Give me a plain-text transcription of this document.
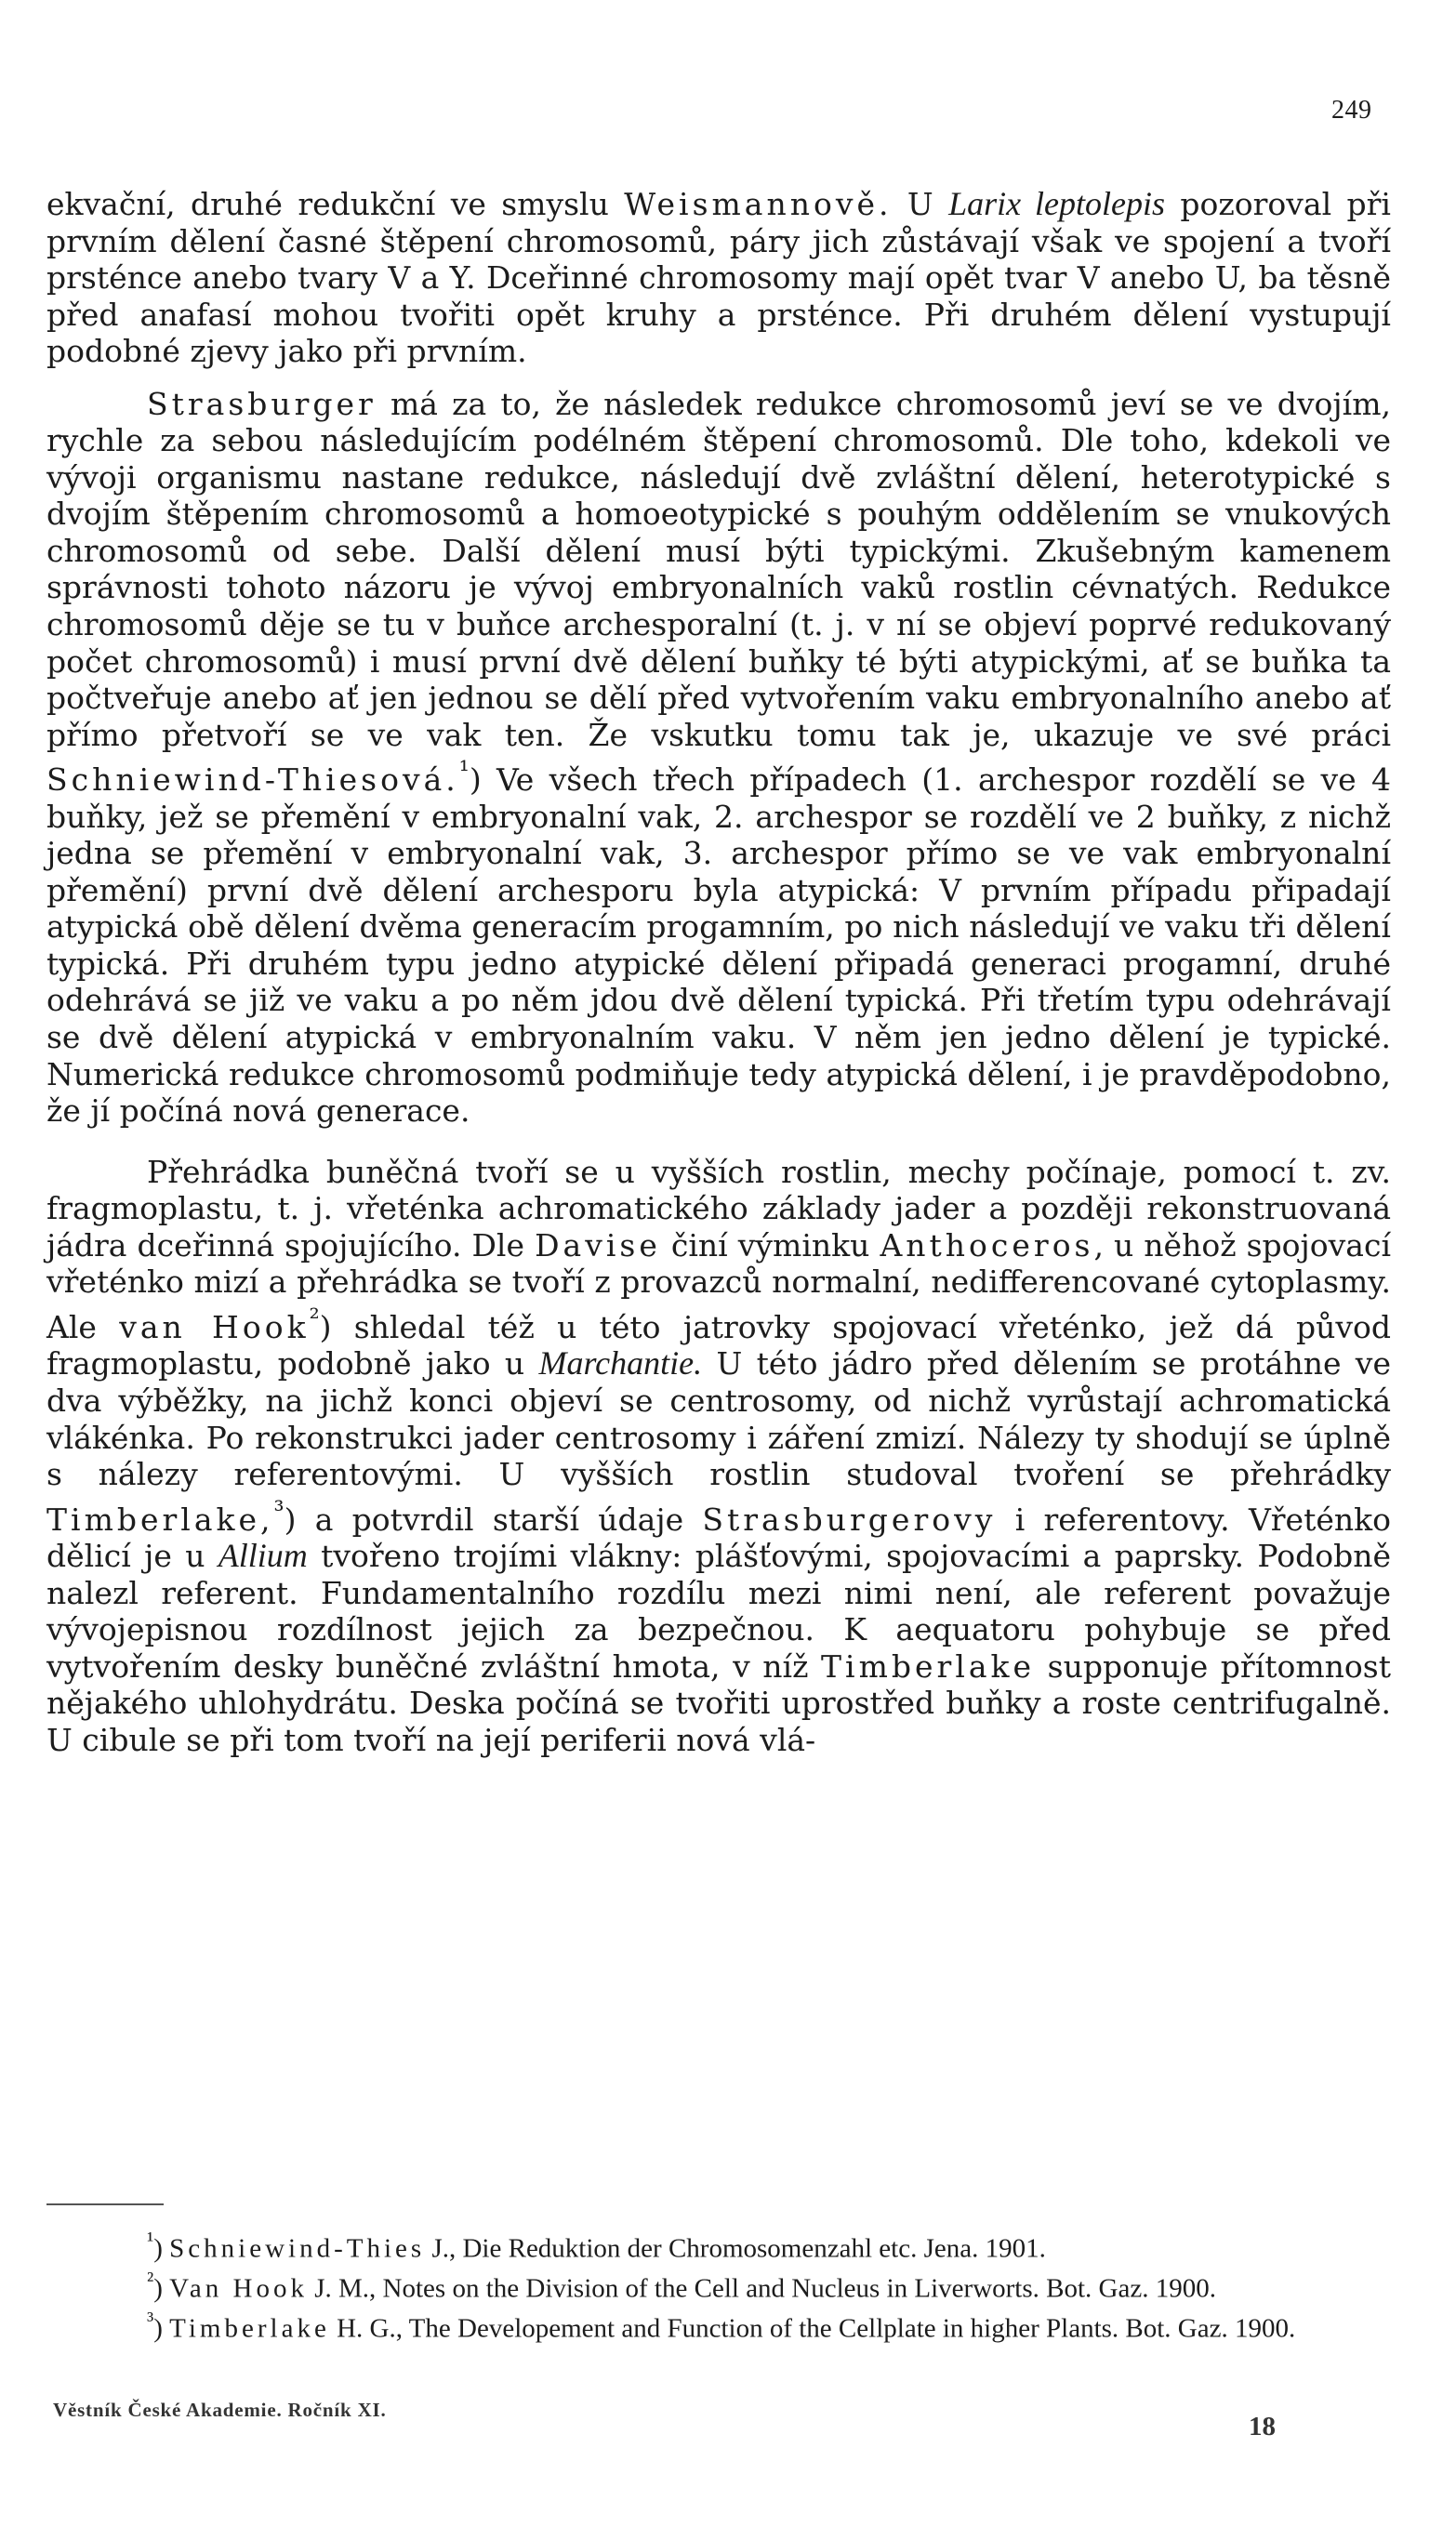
249

ekvační, druhé redukční ve smyslu Weismannově. U Larix leptolepis pozoroval při prvním dělení časné štěpení chromosomů, páry jich zůstávají však ve spojení a tvoří prsténce anebo tvary V a Y. Dceřinné chromosomy mají opět tvar V anebo U, ba těsně před anafasí mohou tvořiti opět kruhy a prsténce. Při druhém dělení vystupují podobné zjevy jako při prvním.

Strasburger má za to, že následek redukce chromosomů jeví se ve dvojím, rychle za sebou následujícím podélném štěpení chromosomů. Dle toho, kdekoli ve vývoji organismu nastane redukce, následují dvě zvláštní dělení, heterotypické s dvojím štěpením chromosomů a homoeotypické s pouhým oddělením se vnukových chromosomů od sebe. Další dělení musí býti typickými. Zkušebným kamenem správnosti tohoto názoru je vývoj embryonalních vaků rostlin cévnatých. Redukce chromosomů děje se tu v buňce archesporalní (t. j. v ní se objeví poprvé redukovaný počet chromosomů) i musí první dvě dělení buňky té býti atypickými, ať se buňka ta počtveřuje anebo ať jen jednou se dělí před vytvořením vaku embryonalního anebo ať přímo přetvoří se ve vak ten. Že vskutku tomu tak je, ukazuje ve své práci Schniewind-Thiesová.$^{^1}$) Ve všech třech případech (1. archespor rozdělí se ve 4 buňky, jež se přemění v embryonalní vak, 2. archespor se rozdělí ve 2 buňky, z nichž jedna se přemění v embryonalní vak, 3. archespor přímo se ve vak embryonalní přemění) první dvě dělení archesporu byla atypická: V prvním případu připadají atypická obě dělení dvěma generacím progamním, po nich následují ve vaku tři dělení typická. Při druhém typu jedno atypické dělení připadá generaci progamní, druhé odehrává se již ve vaku a po něm jdou dvě dělení typická. Při třetím typu odehrávají se dvě dělení atypická v embryonalním vaku. V něm jen jedno dělení je typické. Numerická redukce chromosomů podmiňuje tedy atypická dělení, i je pravděpodobno, že jí počíná nová generace.

Přehrádka buněčná tvoří se u vyšších rostlin, mechy počínaje, pomocí t. zv. fragmoplastu, t. j. vřeténka achromatického základy jader a později rekonstruovaná jádra dceřinná spojujícího. Dle Davise činí výminku Anthoceros, u něhož spojovací vřeténko mizí a přehrádka se tvoří z provazců normalní, nedifferencované cytoplasmy. Ale van Hook$^{^2}$) shledal též u této jatrovky spojovací vřeténko, jež dá původ fragmoplastu, podobně jako u Marchantie. U této jádro před dělením se protáhne ve dva výběžky, na jichž konci objeví se centrosomy, od nichž vyrůstají achromatická vlákénka. Po rekonstrukci jader centrosomy i záření zmizí. Nálezy ty shodují se úplně s nálezy referentovými. U vyšších rostlin studoval tvoření se přehrádky Timberlake,$^{^3}$) a potvrdil starší údaje Strasburgerovy i referentovy. Vřeténko dělicí je u Allium tvořeno trojími vlákny: plášťovými, spojovacími a paprsky. Podobně nalezl referent. Fundamentalního rozdílu mezi nimi není, ale referent považuje vývojepisnou rozdílnost jejich za bezpečnou. K aequatoru pohybuje se před vytvořením desky buněčné zvláštní hmota, v níž Timberlake supponuje přítomnost nějakého uhlohydrátu. Deska počíná se tvořiti uprostřed buňky a roste centrifugalně. U cibule se při tom tvoří na její periferii nová vlá-

$^{^1}$) Schniewind-Thies J., Die Reduktion der Chromosomenzahl etc. Jena. 1901.

$^{^2}$) Van Hook J. M., Notes on the Division of the Cell and Nucleus in Liverworts. Bot. Gaz. 1900.

$^{^3}$) Timberlake H. G., The Developement and Function of the Cellplate in higher Plants. Bot. Gaz. 1900.

Věstník České Akademie. Ročník XI.
18
